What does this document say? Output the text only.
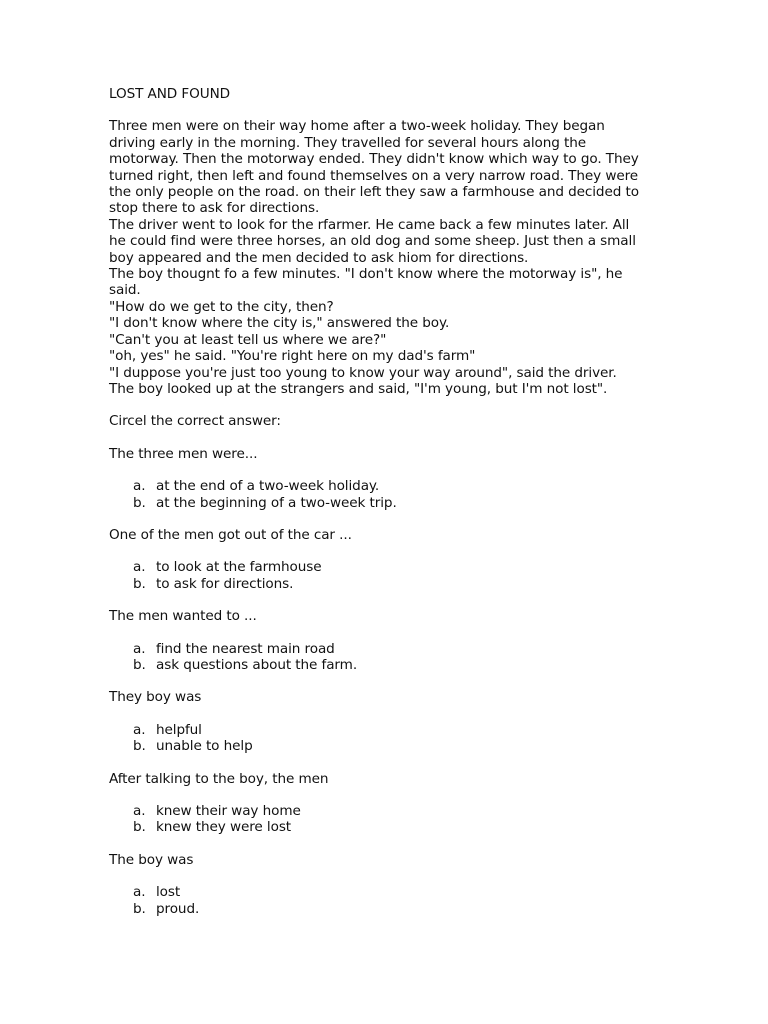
LOST AND FOUND
Three men were on their way home after a two-week holiday. They began
driving early in the morning. They travelled for several hours along the
motorway. Then the motorway ended. They didn't know which way to go. They
turned right, then left and found themselves on a very narrow road. They were
the only people on the road. on their left they saw a farmhouse and decided to
stop there to ask for directions.
The driver went to look for the rfarmer. He came back a few minutes later. All
he could find were three horses, an old dog and some sheep. Just then a small
boy appeared and the men decided to ask hiom for directions.
The boy thougnt fo a few minutes. "I don't know where the motorway is", he
said.
"How do we get to the city, then?
"I don't know where the city is," answered the boy.
"Can't you at least tell us where we are?"
"oh, yes" he said. "You're right here on my dad's farm"
"I duppose you're just too young to know your way around", said the driver.
The boy looked up at the strangers and said, "I'm young, but I'm not lost".
Circel the correct answer:
The three men were...
a. at the end of a two-week holiday.
b. at the beginning of a two-week trip.
One of the men got out of the car ...
a. to look at the farmhouse
b. to ask for directions.
The men wanted to ...
a. find the nearest main road
b. ask questions about the farm.
They boy was
a. helpful
b. unable to help
After talking to the boy, the men
a. knew their way home
b. knew they were lost
The boy was
a. lost
b. proud.
